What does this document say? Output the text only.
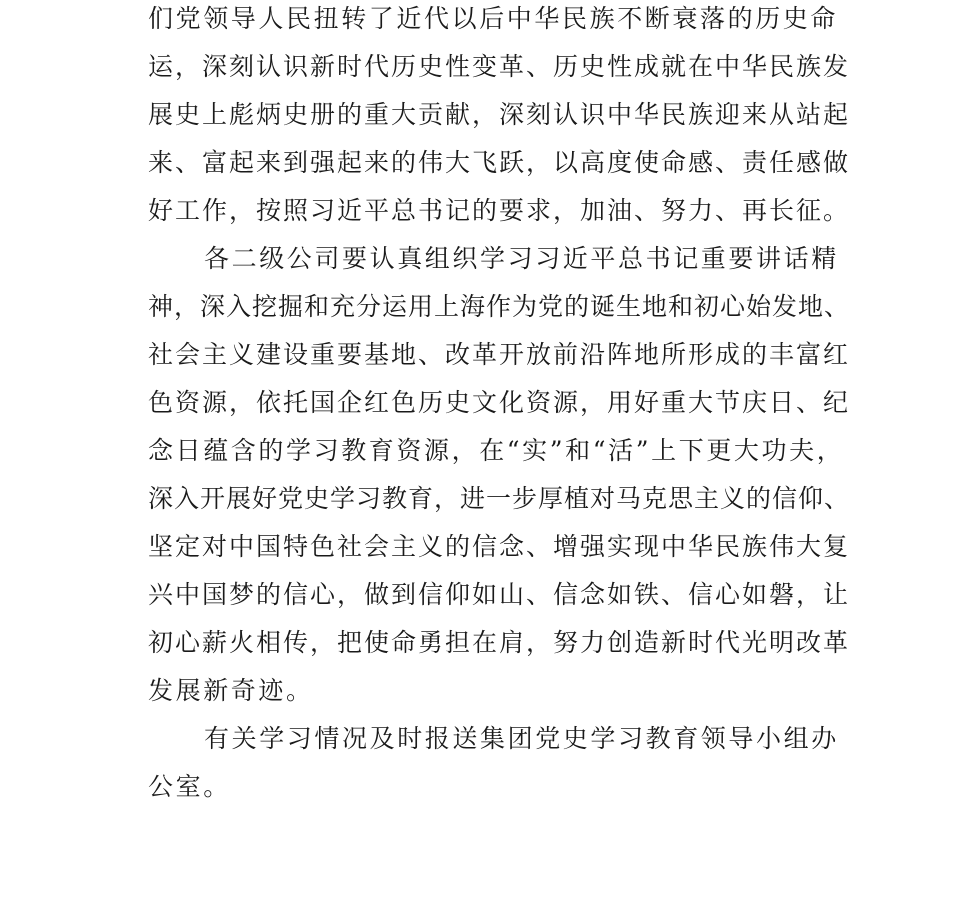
们党领导人民扭转了近代以后中华民族不断衰落的历史命
运，深刻认识新时代历史性变革、历史性成就在中华民族发
展史上彪炳史册的重大贡献，深刻认识中华民族迎来从站起
来、富起来到强起来的伟大飞跃，以高度使命感、责任感做
好工作，按照习近平总书记的要求，加油、努力、再长征。
各二级公司要认真组织学习习近平总书记重要讲话精
神，深入挖掘和充分运用上海作为党的诞生地和初心始发地、
社会主义建设重要基地、改革开放前沿阵地所形成的丰富红
色资源，依托国企红色历史文化资源，用好重大节庆日、纪
念日蕴含的学习教育资源，在“实”和“活”上下更大功夫，
深入开展好党史学习教育，进一步厚植对马克思主义的信仰、
坚定对中国特色社会主义的信念、增强实现中华民族伟大复
兴中国梦的信心，做到信仰如山、信念如铁、信心如磐，让
初心薪火相传，把使命勇担在肩，努力创造新时代光明改革
发展新奇迹。
有关学习情况及时报送集团党史学习教育领导小组办
公室。
